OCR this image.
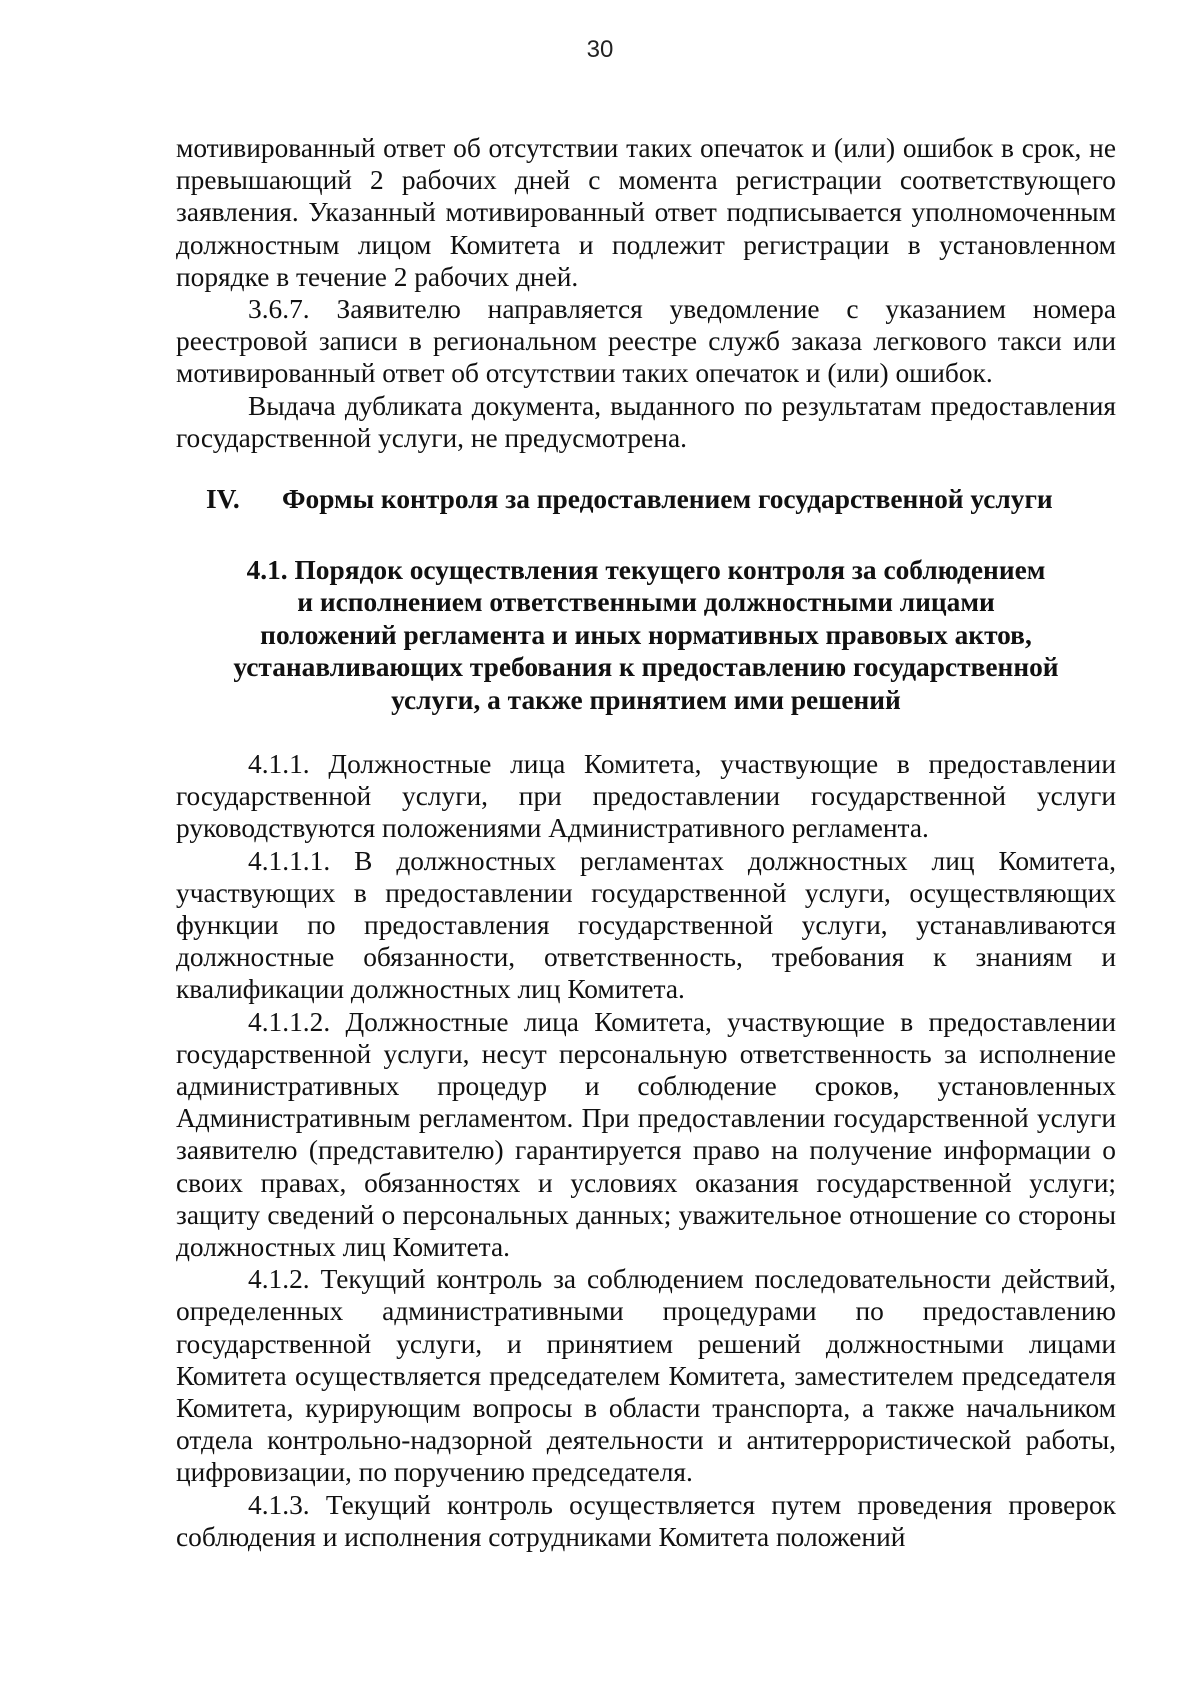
30

мотивированный ответ об отсутствии таких опечаток и (или) ошибок в срок, не превышающий 2 рабочих дней с момента регистрации соответствующего заявления. Указанный мотивированный ответ подписывается уполномоченным должностным лицом Комитета и подлежит регистрации в установленном порядке в течение 2 рабочих дней.

3.6.7. Заявителю направляется уведомление с указанием номера реестровой записи в региональном реестре служб заказа легкового такси или мотивированный ответ об отсутствии таких опечаток и (или) ошибок.

Выдача дубликата документа, выданного по результатам предоставления государственной услуги, не предусмотрена.

IV. Формы контроля за предоставлением государственной услуги
4.1. Порядок осуществления текущего контроля за соблюдением
и исполнением ответственными должностными лицами
положений регламента и иных нормативных правовых актов,
устанавливающих требования к предоставлению государственной
услуги, а также принятием ими решений

4.1.1. Должностные лица Комитета, участвующие в предоставлении государственной услуги, при предоставлении государственной услуги руководствуются положениями Административного регламента.

4.1.1.1. В должностных регламентах должностных лиц Комитета, участвующих в предоставлении государственной услуги, осуществляющих функции по предоставления государственной услуги, устанавливаются должностные обязанности, ответственность, требования к знаниям и квалификации должностных лиц Комитета.

4.1.1.2. Должностные лица Комитета, участвующие в предоставлении государственной услуги, несут персональную ответственность за исполнение административных процедур и соблюдение сроков, установленных Административным регламентом. При предоставлении государственной услуги заявителю (представителю) гарантируется право на получение информации о своих правах, обязанностях и условиях оказания государственной услуги; защиту сведений о персональных данных; уважительное отношение со стороны должностных лиц Комитета.

4.1.2. Текущий контроль за соблюдением последовательности действий, определенных административными процедурами по предоставлению государственной услуги, и принятием решений должностными лицами Комитета осуществляется председателем Комитета, заместителем председателя Комитета, курирующим вопросы в области транспорта, а также начальником отдела контрольно-надзорной деятельности и антитеррористической работы, цифровизации, по поручению председателя.

4.1.3. Текущий контроль осуществляется путем проведения проверок соблюдения и исполнения сотрудниками Комитета положений
